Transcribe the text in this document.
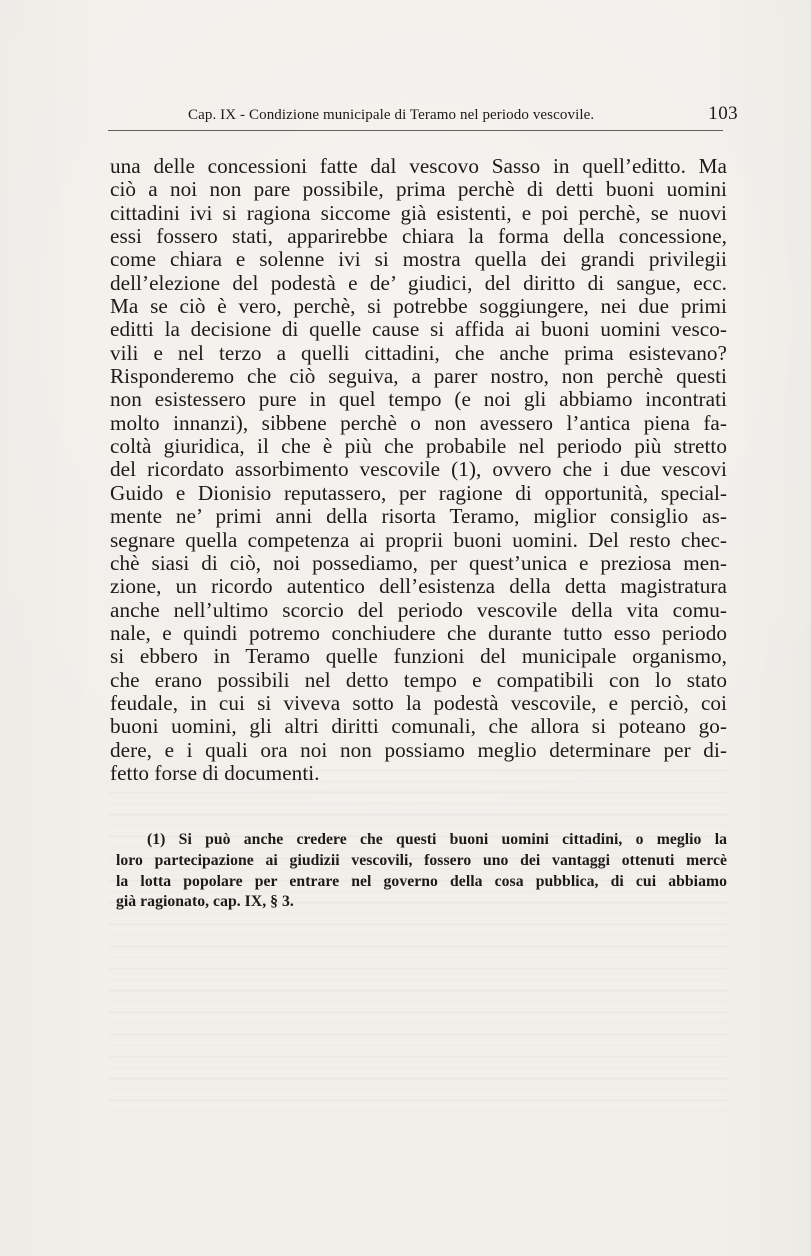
Cap. IX - Condizione municipale di Teramo nel periodo vescovile.	103
una delle concessioni fatte dal vescovo Sasso in quell’editto. Ma
ciò a noi non pare possibile, prima perchè di detti buoni uomini
cittadini ivi si ragiona siccome già esistenti, e poi perchè, se nuovi
essi fossero stati, apparirebbe chiara la forma della concessione,
come chiara e solenne ivi si mostra quella dei grandi privilegii
dell’elezione del podestà e de’ giudici, del diritto di sangue, ecc.
Ma se ciò è vero, perchè, si potrebbe soggiungere, nei due primi
editti la decisione di quelle cause si affida ai buoni uomini vesco-
vili e nel terzo a quelli cittadini, che anche prima esistevano?
Risponderemo che ciò seguiva, a parer nostro, non perchè questi
non esistessero pure in quel tempo (e noi gli abbiamo incontrati
molto innanzi), sibbene perchè o non avessero l’antica piena fa-
coltà giuridica, il che è più che probabile nel periodo più stretto
del ricordato assorbimento vescovile (1), ovvero che i due vescovi
Guido e Dionisio reputassero, per ragione di opportunità, special-
mente ne’ primi anni della risorta Teramo, miglior consiglio as-
segnare quella competenza ai proprii buoni uomini. Del resto chec-
chè siasi di ciò, noi possediamo, per quest’unica e preziosa men-
zione, un ricordo autentico dell’esistenza della detta magistratura
anche nell’ultimo scorcio del periodo vescovile della vita comu-
nale, e quindi potremo conchiudere che durante tutto esso periodo
si ebbero in Teramo quelle funzioni del municipale organismo,
che erano possibili nel detto tempo e compatibili con lo stato
feudale, in cui si viveva sotto la podestà vescovile, e perciò, coi
buoni uomini, gli altri diritti comunali, che allora si poteano go-
dere, e i quali ora noi non possiamo meglio determinare per di-
fetto forse di documenti.
(1) Si può anche credere che questi buoni uomini cittadini, o meglio la
loro partecipazione ai giudizii vescovili, fossero uno dei vantaggi ottenuti mercè
la lotta popolare per entrare nel governo della cosa pubblica, di cui abbiamo
già ragionato, cap. IX, § 3.
